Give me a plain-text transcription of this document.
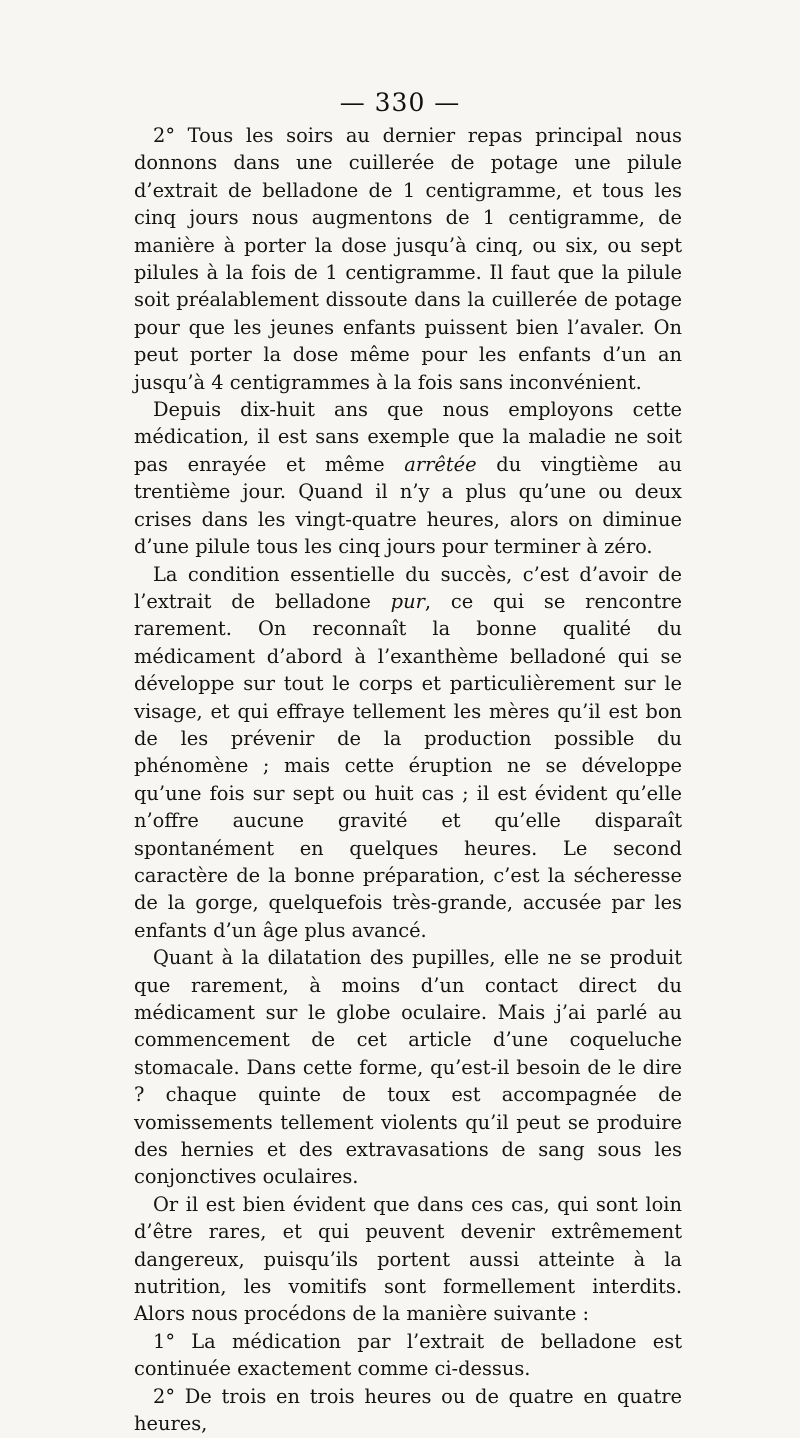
— 330 —

2° Tous les soirs au dernier repas principal nous donnons dans une cuillerée de potage une pilule d’extrait de belladone de 1 centigramme, et tous les cinq jours nous augmentons de 1 centigramme, de manière à porter la dose jusqu’à cinq, ou six, ou sept pilules à la fois de 1 centigramme. Il faut que la pilule soit préalablement dissoute dans la cuillerée de potage pour que les jeunes enfants puissent bien l’avaler. On peut porter la dose même pour les enfants d’un an jusqu’à 4 centigrammes à la fois sans inconvénient.

Depuis dix-huit ans que nous employons cette médication, il est sans exemple que la maladie ne soit pas enrayée et même arrêtée du vingtième au trentième jour. Quand il n’y a plus qu’une ou deux crises dans les vingt-quatre heures, alors on diminue d’une pilule tous les cinq jours pour terminer à zéro.

La condition essentielle du succès, c’est d’avoir de l’extrait de belladone pur, ce qui se rencontre rarement. On reconnaît la bonne qualité du médicament d’abord à l’exanthème belladoné qui se développe sur tout le corps et particulièrement sur le visage, et qui effraye tellement les mères qu’il est bon de les prévenir de la production possible du phénomène ; mais cette éruption ne se développe qu’une fois sur sept ou huit cas ; il est évident qu’elle n’offre aucune gravité et qu’elle disparaît spontanément en quelques heures. Le second caractère de la bonne préparation, c’est la sécheresse de la gorge, quelquefois très-grande, accusée par les enfants d’un âge plus avancé.

Quant à la dilatation des pupilles, elle ne se produit que rarement, à moins d’un contact direct du médicament sur le globe oculaire. Mais j’ai parlé au commencement de cet article d’une coqueluche stomacale. Dans cette forme, qu’est-il besoin de le dire ? chaque quinte de toux est accompagnée de vomissements tellement violents qu’il peut se produire des hernies et des extravasations de sang sous les conjonctives oculaires.

Or il est bien évident que dans ces cas, qui sont loin d’être rares, et qui peuvent devenir extrêmement dangereux, puisqu’ils portent aussi atteinte à la nutrition, les vomitifs sont formellement interdits. Alors nous procédons de la manière suivante :

1° La médication par l’extrait de belladone est continuée exactement comme ci-dessus.

2° De trois en trois heures ou de quatre en quatre heures,
